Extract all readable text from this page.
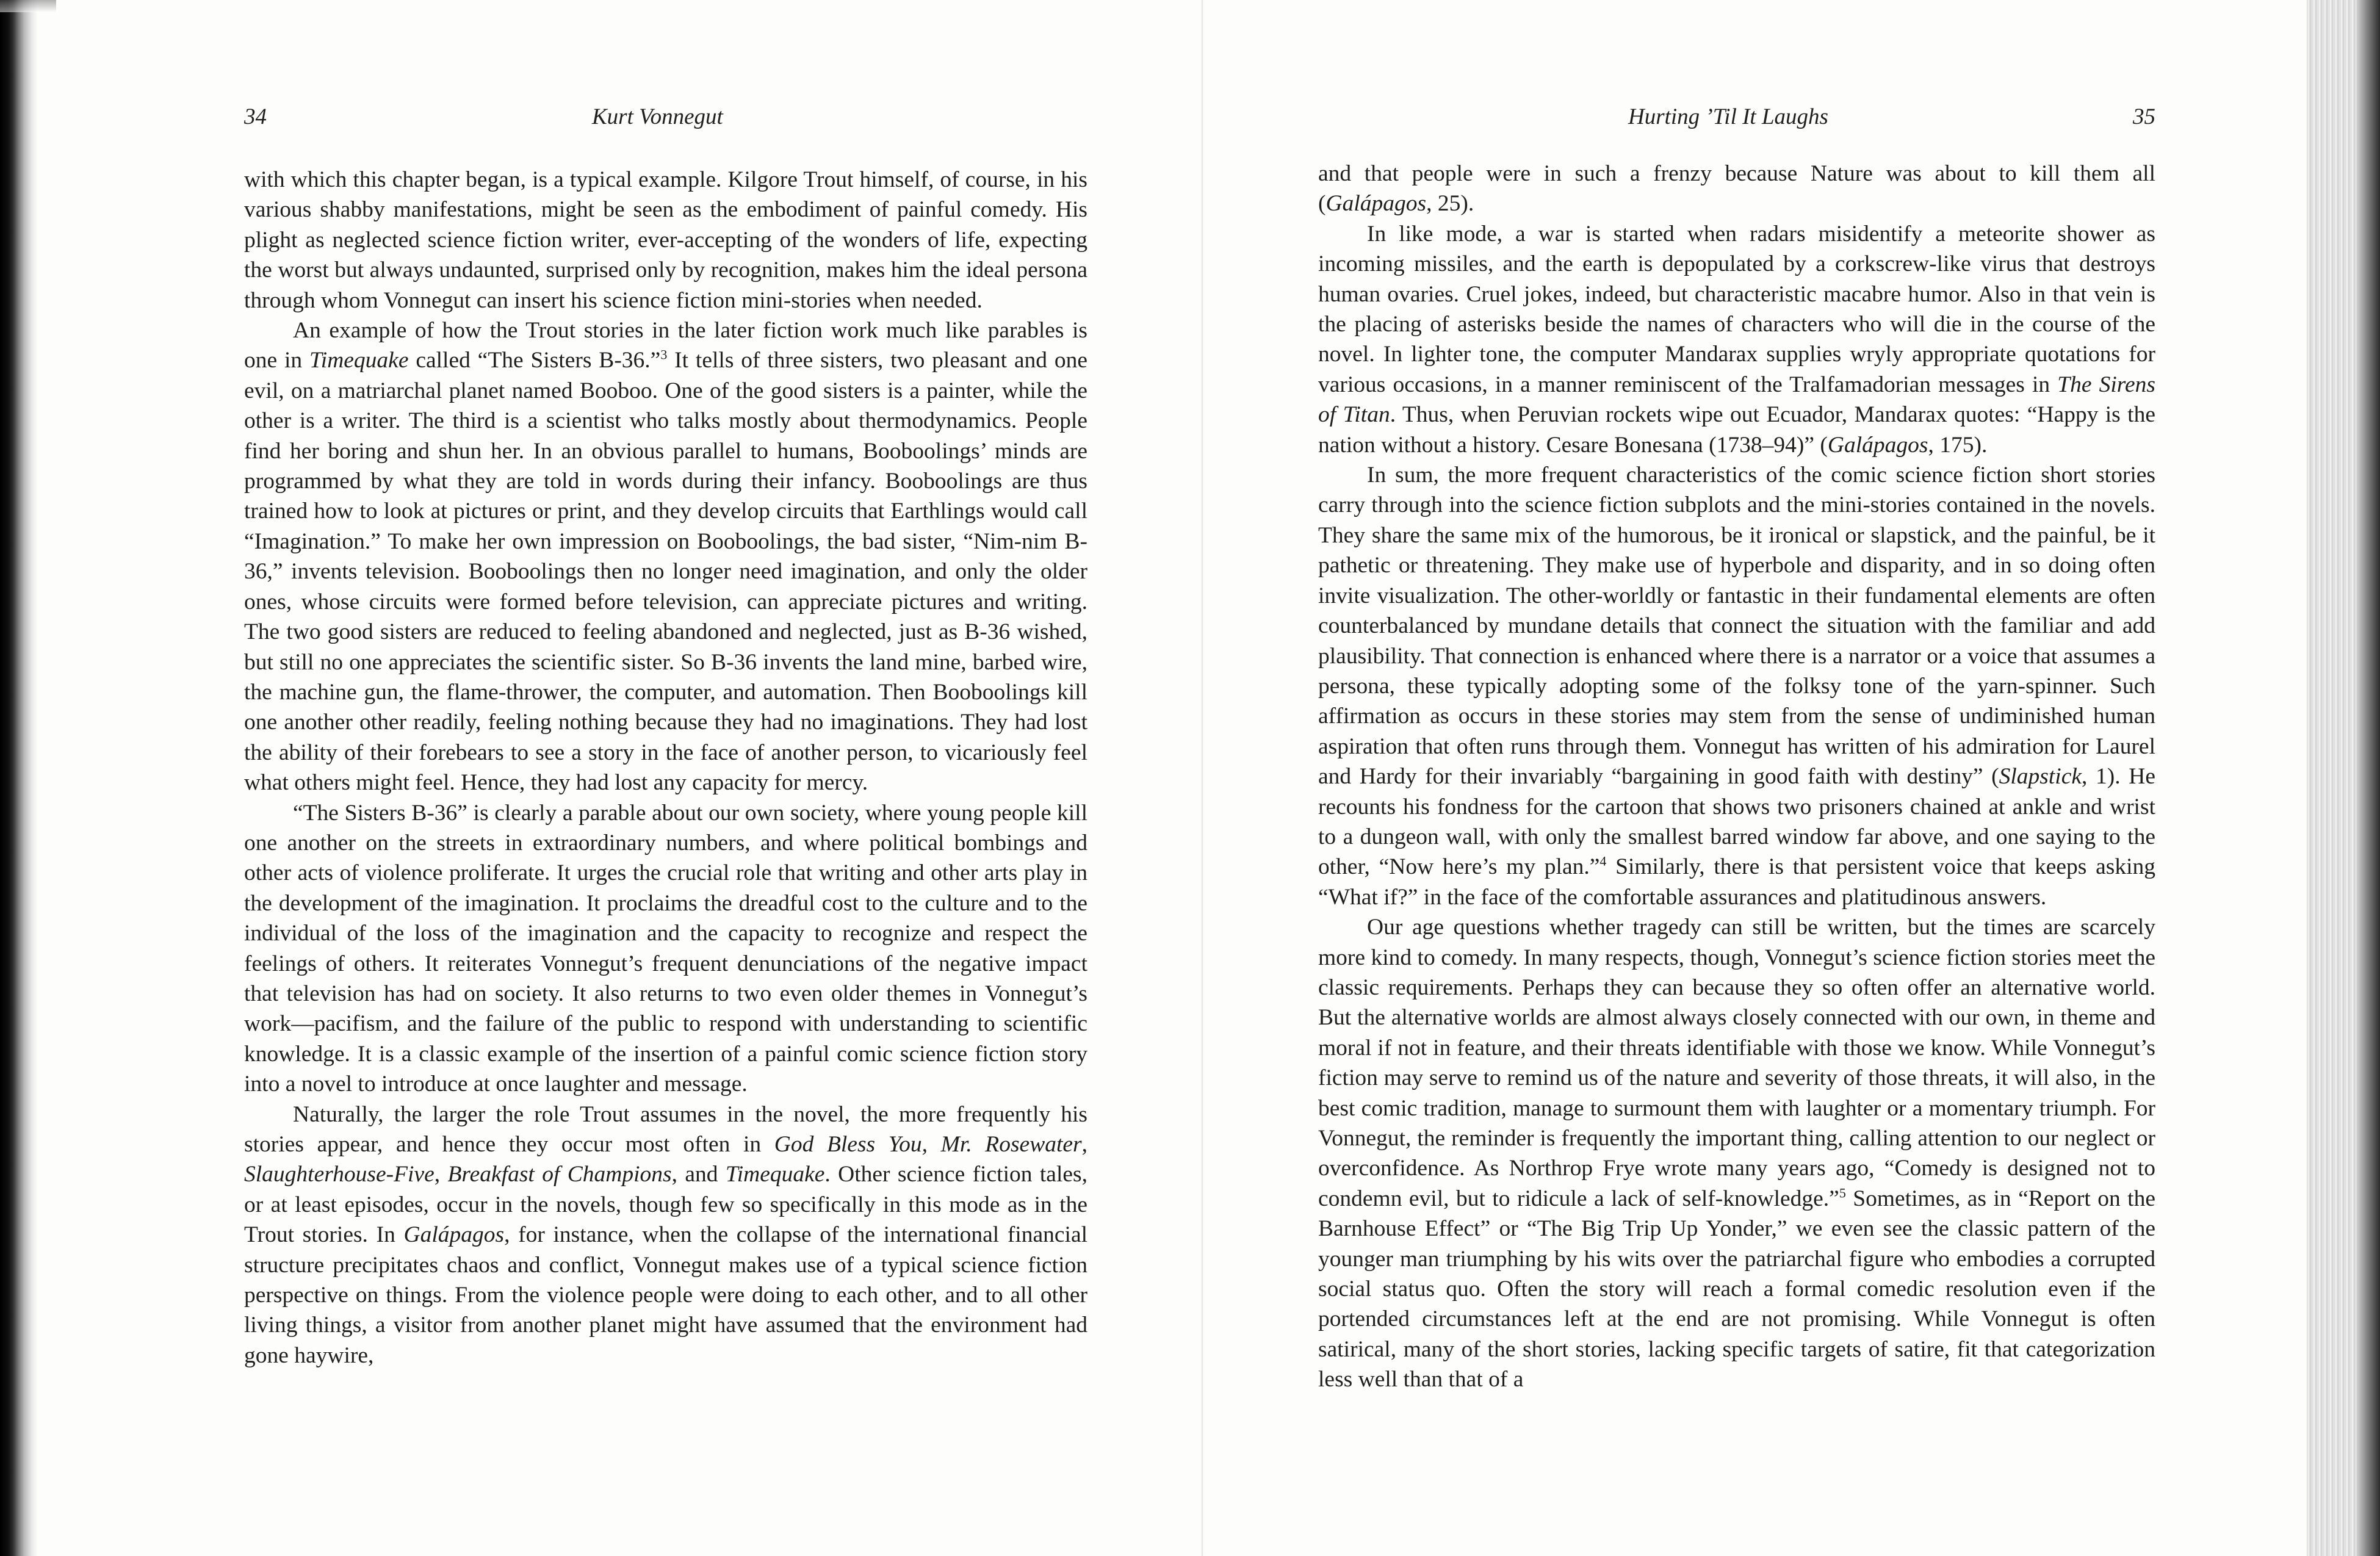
34	Kurt Vonnegut

with which this chapter began, is a typical example. Kilgore Trout himself, of course, in his various shabby manifestations, might be seen as the embodiment of painful comedy. His plight as neglected science fiction writer, ever-accepting of the wonders of life, expecting the worst but always undaunted, surprised only by recognition, makes him the ideal persona through whom Vonnegut can insert his science fiction mini-stories when needed.

An example of how the Trout stories in the later fiction work much like parables is one in Timequake called “The Sisters B-36.”$^3$ It tells of three sisters, two pleasant and one evil, on a matriarchal planet named Booboo. One of the good sisters is a painter, while the other is a writer. The third is a scientist who talks mostly about thermodynamics. People find her boring and shun her. In an obvious parallel to humans, Booboolings’ minds are programmed by what they are told in words during their infancy. Booboolings are thus trained how to look at pictures or print, and they develop circuits that Earthlings would call “Imagination.” To make her own impression on Booboolings, the bad sister, “Nim-nim B-36,” invents television. Booboolings then no longer need imagination, and only the older ones, whose circuits were formed before television, can appreciate pictures and writing. The two good sisters are reduced to feeling abandoned and neglected, just as B-36 wished, but still no one appreciates the scientific sister. So B-36 invents the land mine, barbed wire, the machine gun, the flame-thrower, the computer, and automation. Then Booboolings kill one another other readily, feeling nothing because they had no imaginations. They had lost the ability of their forebears to see a story in the face of another person, to vicariously feel what others might feel. Hence, they had lost any capacity for mercy.

“The Sisters B-36” is clearly a parable about our own society, where young people kill one another on the streets in extraordinary numbers, and where political bombings and other acts of violence proliferate. It urges the crucial role that writing and other arts play in the development of the imagination. It proclaims the dreadful cost to the culture and to the individual of the loss of the imagination and the capacity to recognize and respect the feelings of others. It reiterates Vonnegut’s frequent denunciations of the negative impact that television has had on society. It also returns to two even older themes in Vonnegut’s work—pacifism, and the failure of the public to respond with understanding to scientific knowledge. It is a classic example of the insertion of a painful comic science fiction story into a novel to introduce at once laughter and message.

Naturally, the larger the role Trout assumes in the novel, the more frequently his stories appear, and hence they occur most often in God Bless You, Mr. Rosewater, Slaughterhouse-Five, Breakfast of Champions, and Timequake. Other science fiction tales, or at least episodes, occur in the novels, though few so specifically in this mode as in the Trout stories. In Galápagos, for instance, when the collapse of the international financial structure precipitates chaos and conflict, Vonnegut makes use of a typical science fiction perspective on things. From the violence people were doing to each other, and to all other living things, a visitor from another planet might have assumed that the environment had gone haywire,

Hurting ’Til It Laughs	35

and that people were in such a frenzy because Nature was about to kill them all (Galápagos, 25).

In like mode, a war is started when radars misidentify a meteorite shower as incoming missiles, and the earth is depopulated by a corkscrew-like virus that destroys human ovaries. Cruel jokes, indeed, but characteristic macabre humor. Also in that vein is the placing of asterisks beside the names of characters who will die in the course of the novel. In lighter tone, the computer Mandarax supplies wryly appropriate quotations for various occasions, in a manner reminiscent of the Tralfamadorian messages in The Sirens of Titan. Thus, when Peruvian rockets wipe out Ecuador, Mandarax quotes: “Happy is the nation without a history. Cesare Bonesana (1738–94)” (Galápagos, 175).

In sum, the more frequent characteristics of the comic science fiction short stories carry through into the science fiction subplots and the mini-stories contained in the novels. They share the same mix of the humorous, be it ironical or slapstick, and the painful, be it pathetic or threatening. They make use of hyperbole and disparity, and in so doing often invite visualization. The other-worldly or fantastic in their fundamental elements are often counterbalanced by mundane details that connect the situation with the familiar and add plausibility. That connection is enhanced where there is a narrator or a voice that assumes a persona, these typically adopting some of the folksy tone of the yarn-spinner. Such affirmation as occurs in these stories may stem from the sense of undiminished human aspiration that often runs through them. Vonnegut has written of his admiration for Laurel and Hardy for their invariably “bargaining in good faith with destiny” (Slapstick, 1). He recounts his fondness for the cartoon that shows two prisoners chained at ankle and wrist to a dungeon wall, with only the smallest barred window far above, and one saying to the other, “Now here’s my plan.”$^4$ Similarly, there is that persistent voice that keeps asking “What if?” in the face of the comfortable assurances and platitudinous answers.

Our age questions whether tragedy can still be written, but the times are scarcely more kind to comedy. In many respects, though, Vonnegut’s science fiction stories meet the classic requirements. Perhaps they can because they so often offer an alternative world. But the alternative worlds are almost always closely connected with our own, in theme and moral if not in feature, and their threats identifiable with those we know. While Vonnegut’s fiction may serve to remind us of the nature and severity of those threats, it will also, in the best comic tradition, manage to surmount them with laughter or a momentary triumph. For Vonnegut, the reminder is frequently the important thing, calling attention to our neglect or overconfidence. As Northrop Frye wrote many years ago, “Comedy is designed not to condemn evil, but to ridicule a lack of self-knowledge.”$^5$ Sometimes, as in “Report on the Barnhouse Effect” or “The Big Trip Up Yonder,” we even see the classic pattern of the younger man triumphing by his wits over the patriarchal figure who embodies a corrupted social status quo. Often the story will reach a formal comedic resolution even if the portended circumstances left at the end are not promising. While Vonnegut is often satirical, many of the short stories, lacking specific targets of satire, fit that categorization less well than that of a
